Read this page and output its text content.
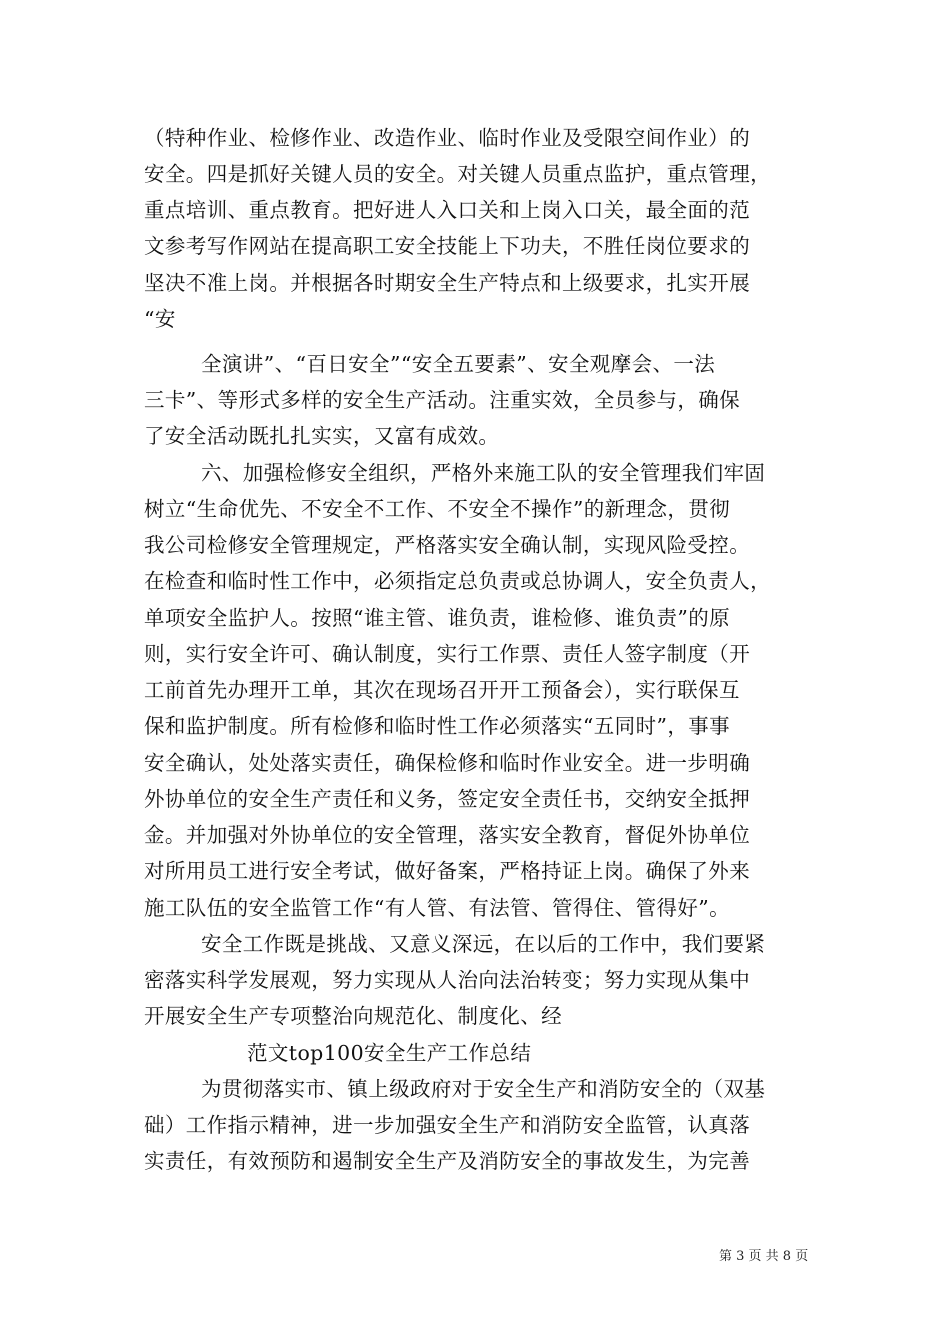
（特种作业、检修作业、改造作业、临时作业及受限空间作业）的
安全。四是抓好关键人员的安全。对关键人员重点监护，重点管理，
重点培训、重点教育。把好进人入口关和上岗入口关，最全面的范
文参考写作网站在提高职工安全技能上下功夫，不胜任岗位要求的
坚决不准上岗。并根据各时期安全生产特点和上级要求，扎实开展
“安
全演讲”、“百日安全”“安全五要素”、安全观摩会、一法
三卡”、等形式多样的安全生产活动。注重实效，全员参与，确保
了安全活动既扎扎实实，又富有成效。
六、加强检修安全组织，严格外来施工队的安全管理我们牢固
树立“生命优先、不安全不工作、不安全不操作”的新理念，贯彻
我公司检修安全管理规定，严格落实安全确认制，实现风险受控。
在检查和临时性工作中，必须指定总负责或总协调人，安全负责人，
单项安全监护人。按照“谁主管、谁负责，谁检修、谁负责”的原
则，实行安全许可、确认制度，实行工作票、责任人签字制度（开
工前首先办理开工单，其次在现场召开开工预备会），实行联保互
保和监护制度。所有检修和临时性工作必须落实“五同时”，事事
安全确认，处处落实责任，确保检修和临时作业安全。进一步明确
外协单位的安全生产责任和义务，签定安全责任书，交纳安全抵押
金。并加强对外协单位的安全管理，落实安全教育，督促外协单位
对所用员工进行安全考试，做好备案，严格持证上岗。确保了外来
施工队伍的安全监管工作“有人管、有法管、管得住、管得好”。
安全工作既是挑战、又意义深远，在以后的工作中，我们要紧
密落实科学发展观，努力实现从人治向法治转变；努力实现从集中
开展安全生产专项整治向规范化、制度化、经
范文top100安全生产工作总结
为贯彻落实市、镇上级政府对于安全生产和消防安全的（双基
础）工作指示精神，进一步加强安全生产和消防安全监管，认真落
实责任，有效预防和遏制安全生产及消防安全的事故发生，为完善
第 3 页 共 8 页
